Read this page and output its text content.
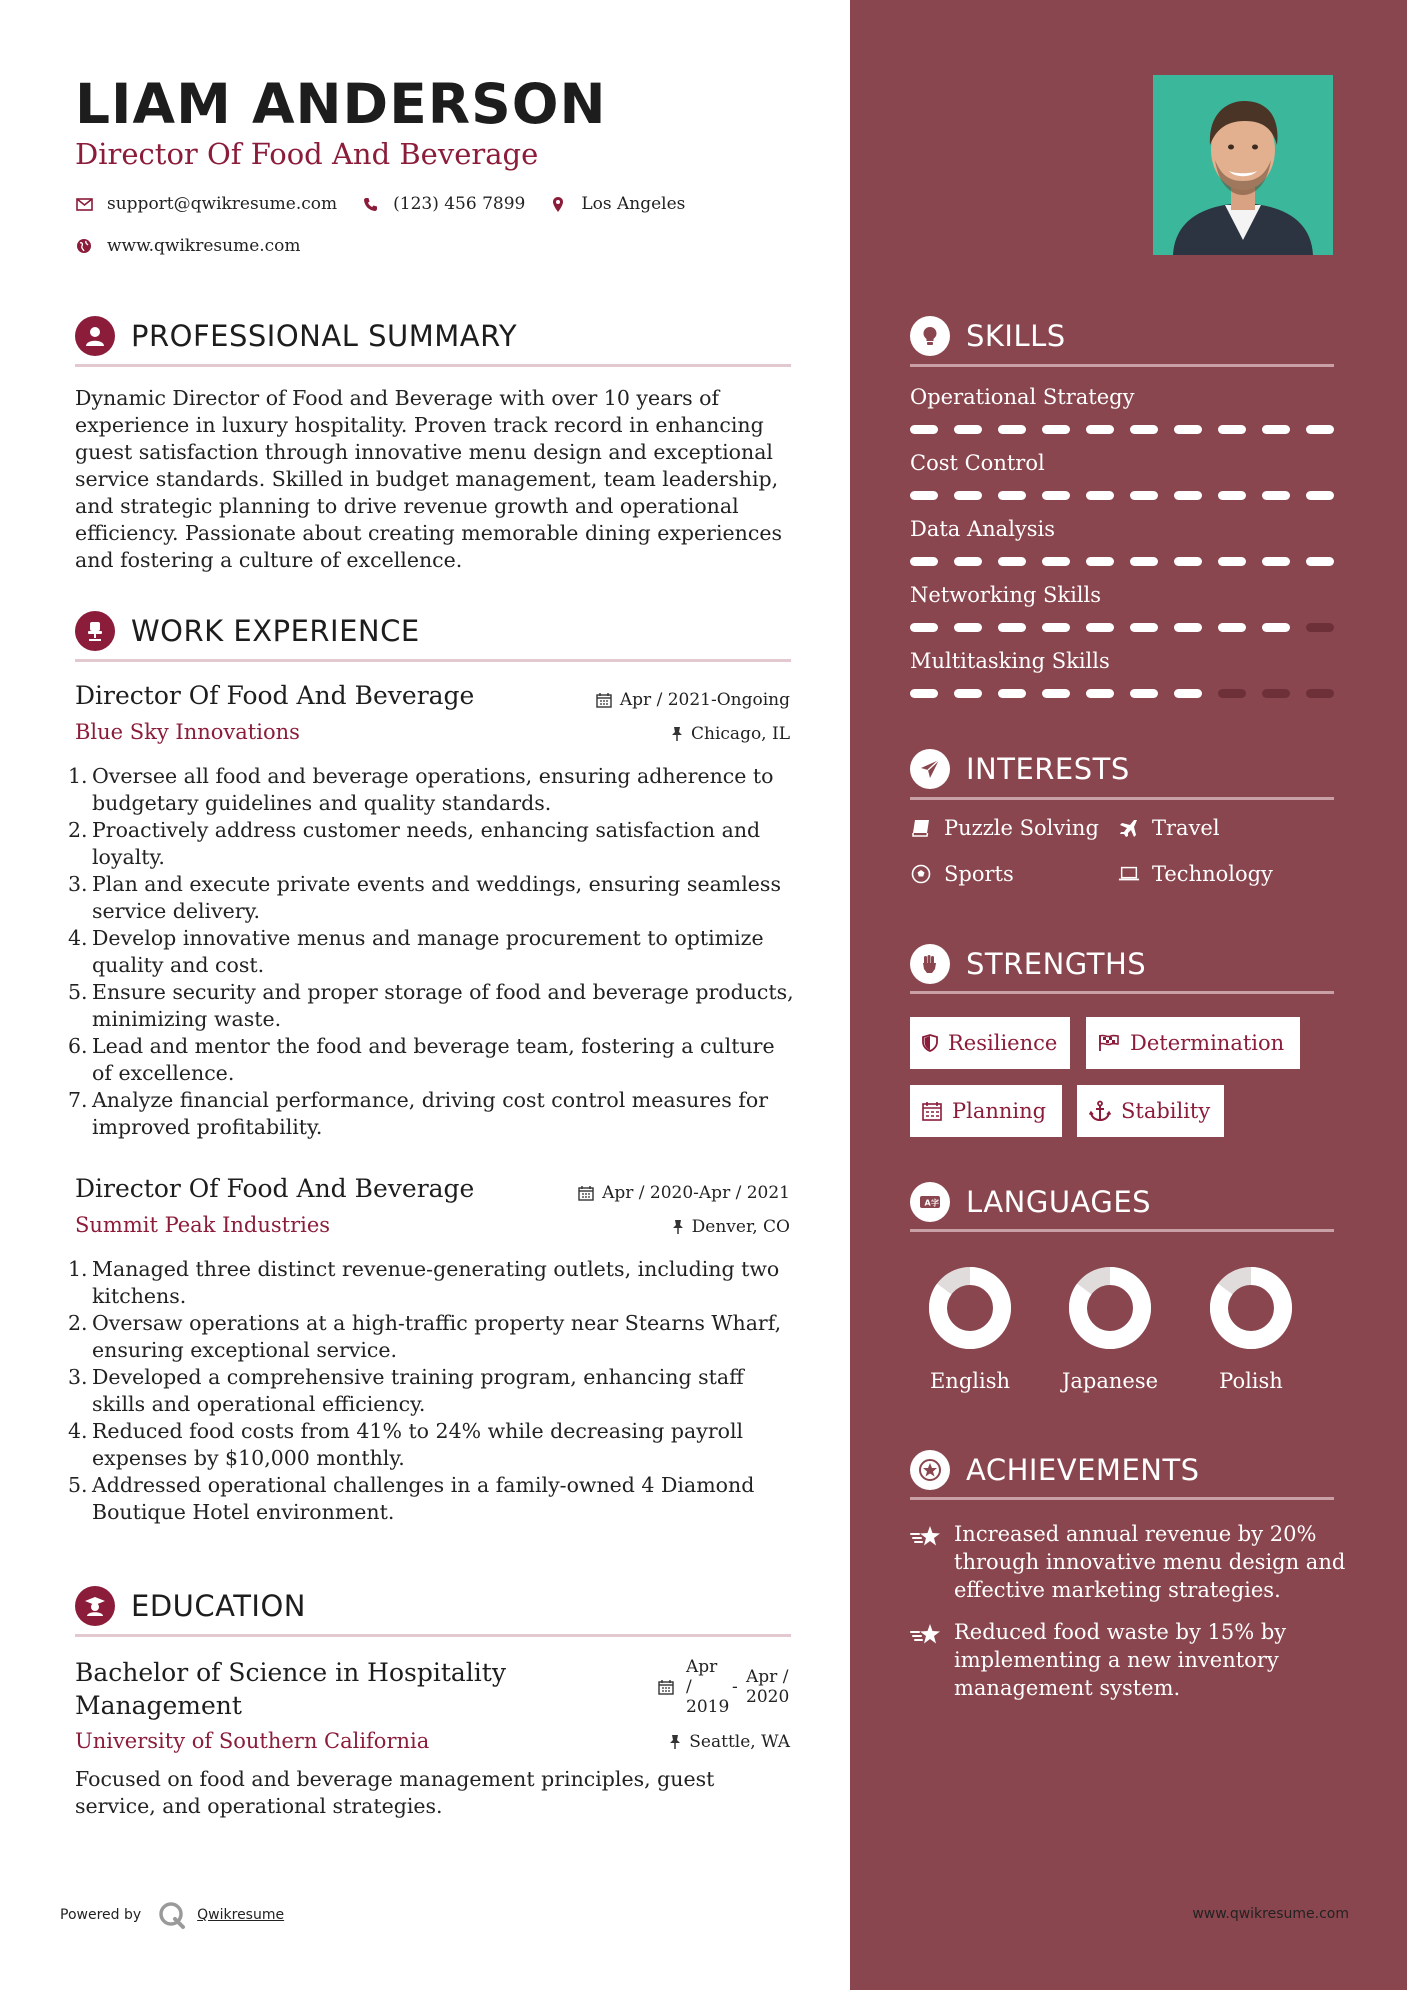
LIAM ANDERSON
Director Of Food And Beverage
support@qwikresume.com	(123) 456 7899	Los Angeles
www.qwikresume.com
PROFESSIONAL SUMMARY
Dynamic Director of Food and Beverage with over 10 years of experience in luxury hospitality. Proven track record in enhancing guest satisfaction through innovative menu design and exceptional service standards. Skilled in budget management, team leadership, and strategic planning to drive revenue growth and operational efficiency. Passionate about creating memorable dining experiences and fostering a culture of excellence.
WORK EXPERIENCE
Director Of Food And Beverage	Apr / 2021-Ongoing
Blue Sky Innovations	Chicago, IL
1. Oversee all food and beverage operations, ensuring adherence to budgetary guidelines and quality standards.
2. Proactively address customer needs, enhancing satisfaction and loyalty.
3. Plan and execute private events and weddings, ensuring seamless service delivery.
4. Develop innovative menus and manage procurement to optimize quality and cost.
5. Ensure security and proper storage of food and beverage products, minimizing waste.
6. Lead and mentor the food and beverage team, fostering a culture of excellence.
7. Analyze financial performance, driving cost control measures for improved profitability.
Director Of Food And Beverage	Apr / 2020-Apr / 2021
Summit Peak Industries	Denver, CO
1. Managed three distinct revenue-generating outlets, including two kitchens.
2. Oversaw operations at a high-traffic property near Stearns Wharf, ensuring exceptional service.
3. Developed a comprehensive training program, enhancing staff skills and operational efficiency.
4. Reduced food costs from 41% to 24% while decreasing payroll expenses by $10,000 monthly.
5. Addressed operational challenges in a family-owned 4 Diamond Boutique Hotel environment.
EDUCATION
Bachelor of Science in Hospitality
Management
Apr /
2019
- Apr /
2020
University of Southern California	Seattle, WA
Focused on food and beverage management principles, guest service, and operational strategies.
Powered by	Qwikresume
SKILLS
Operational Strategy
Cost Control
Data Analysis
Networking Skills
Multitasking Skills
INTERESTS
Puzzle Solving	Travel
Sports	Technology
STRENGTHS
Resilience	Determination
Planning	Stability
A 字 LANGUAGES
English	Japanese	Polish
ACHIEVEMENTS
Increased annual revenue by 20% through innovative menu design and effective marketing strategies.
Reduced food waste by 15% by implementing a new inventory management system.
www.qwikresume.com
